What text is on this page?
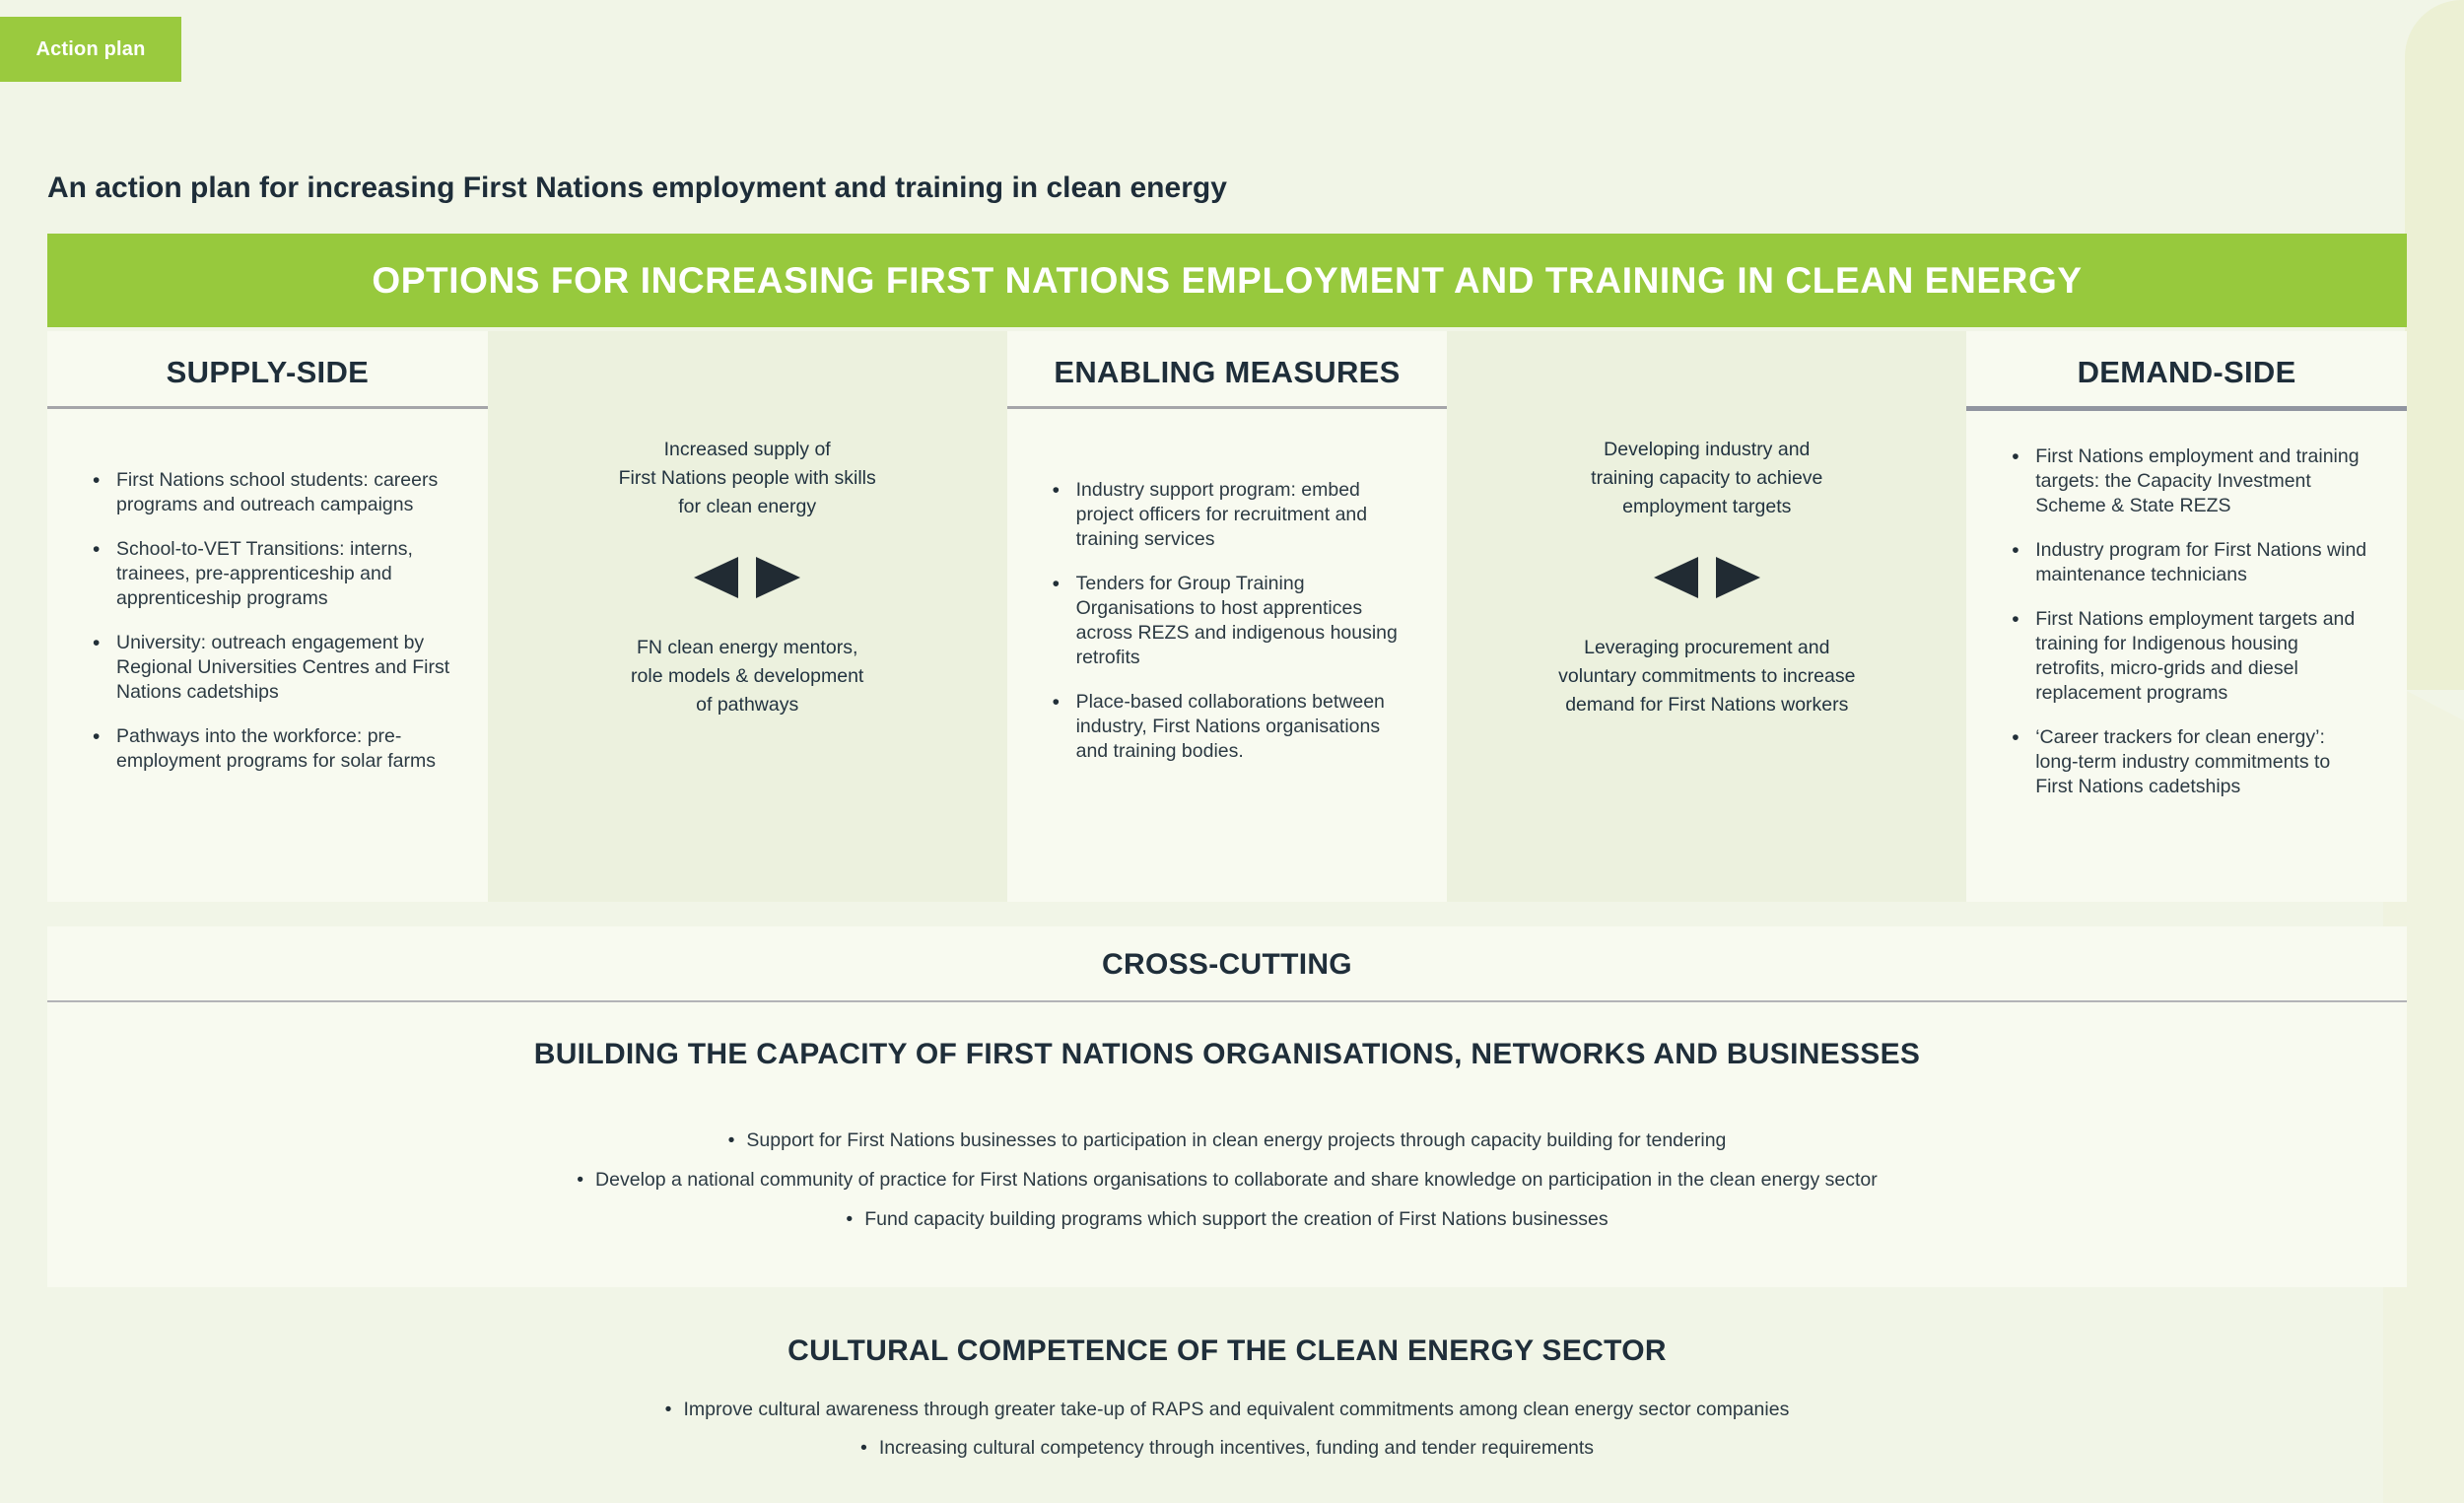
Action plan
An action plan for increasing First Nations employment and training in clean energy
OPTIONS FOR INCREASING FIRST NATIONS EMPLOYMENT AND TRAINING IN CLEAN ENERGY
SUPPLY-SIDE
• First Nations school students: careers programs and outreach campaigns
• School-to-VET Transitions: interns, trainees, pre-apprenticeship and apprenticeship programs
• University: outreach engagement by Regional Universities Centres and First Nations cadetships
• Pathways into the workforce: pre-employment programs for solar farms

Increased supply of
First Nations people with skills
for clean energy

FN clean energy mentors,
role models & development
of pathways

ENABLING MEASURES
• Industry support program: embed project officers for recruitment and training services
• Tenders for Group Training Organisations to host apprentices across REZS and indigenous housing retrofits
• Place-based collaborations between industry, First Nations organisations and training bodies.

Developing industry and
training capacity to achieve
employment targets

Leveraging procurement and
voluntary commitments to increase
demand for First Nations workers

DEMAND-SIDE
• First Nations employment and training targets: the Capacity Investment Scheme & State REZS
• Industry program for First Nations wind maintenance technicians
• First Nations employment targets and training for Indigenous housing retrofits, micro-grids and diesel replacement programs
• ‘Career trackers for clean energy’: long-term industry commitments to First Nations cadetships
CROSS-CUTTING
BUILDING THE CAPACITY OF FIRST NATIONS ORGANISATIONS, NETWORKS AND BUSINESSES
• Support for First Nations businesses to participation in clean energy projects through capacity building for tendering
• Develop a national community of practice for First Nations organisations to collaborate and share knowledge on participation in the clean energy sector
• Fund capacity building programs which support the creation of First Nations businesses
CULTURAL COMPETENCE OF THE CLEAN ENERGY SECTOR
• Improve cultural awareness through greater take-up of RAPS and equivalent commitments among clean energy sector companies
• Increasing cultural competency through incentives, funding and tender requirements
